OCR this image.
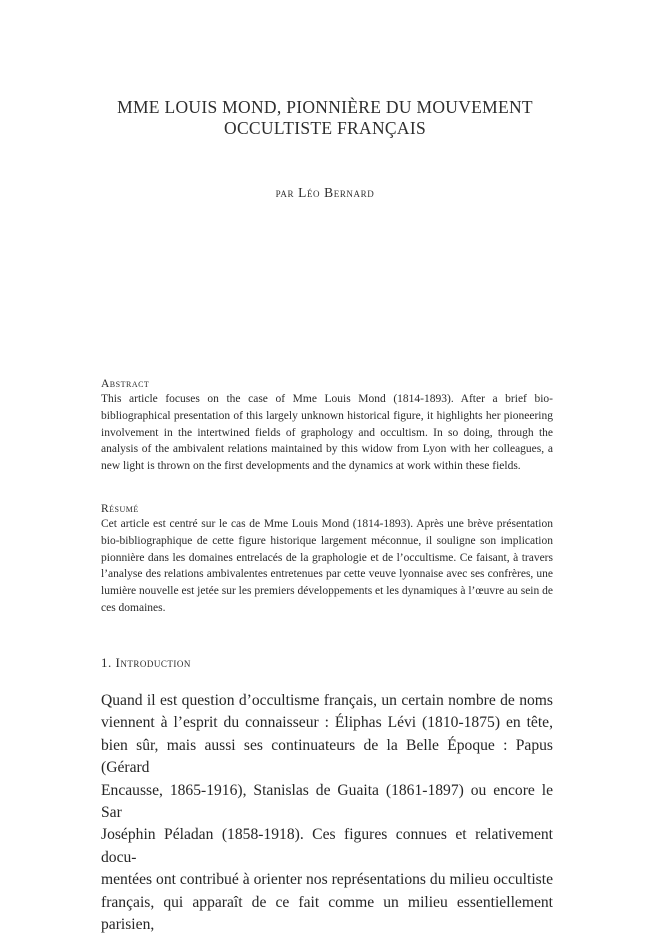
MME LOUIS MOND, PIONNIÈRE DU MOUVEMENT
OCCULTISTE FRANÇAIS
par Léo Bernard
Abstract

This article focuses on the case of Mme Louis Mond (1814-1893). After a brief bio-bibliographical presentation of this largely unknown historical figure, it highlights her pioneering involvement in the intertwined fields of graphology and occultism. In so doing, through the analysis of the ambivalent relations maintained by this widow from Lyon with her colleagues, a new light is thrown on the first developments and the dynamics at work within these fields.

Résumé

Cet article est centré sur le cas de Mme Louis Mond (1814-1893). Après une brève présentation bio-bibliographique de cette figure historique largement méconnue, il souligne son implication pionnière dans les domaines entrelacés de la graphologie et de l’occultisme. Ce faisant, à travers l’analyse des relations ambivalentes entretenues par cette veuve lyonnaise avec ses confrères, une lumière nouvelle est jetée sur les premiers développements et les dynamiques à l’œuvre au sein de ces domaines.

1. Introduction
Quand il est question d’occultisme français, un certain nombre de noms
viennent à l’esprit du connaisseur : Éliphas Lévi (1810-1875) en tête,
bien sûr, mais aussi ses continuateurs de la Belle Époque : Papus (Gérard
Encausse, 1865-1916), Stanislas de Guaita (1861-1897) ou encore le Sar
Joséphin Péladan (1858-1918). Ces figures connues et relativement docu-
mentées ont contribué à orienter nos représentations du milieu occultiste
français, qui apparaît de ce fait comme un milieu essentiellement parisien,
